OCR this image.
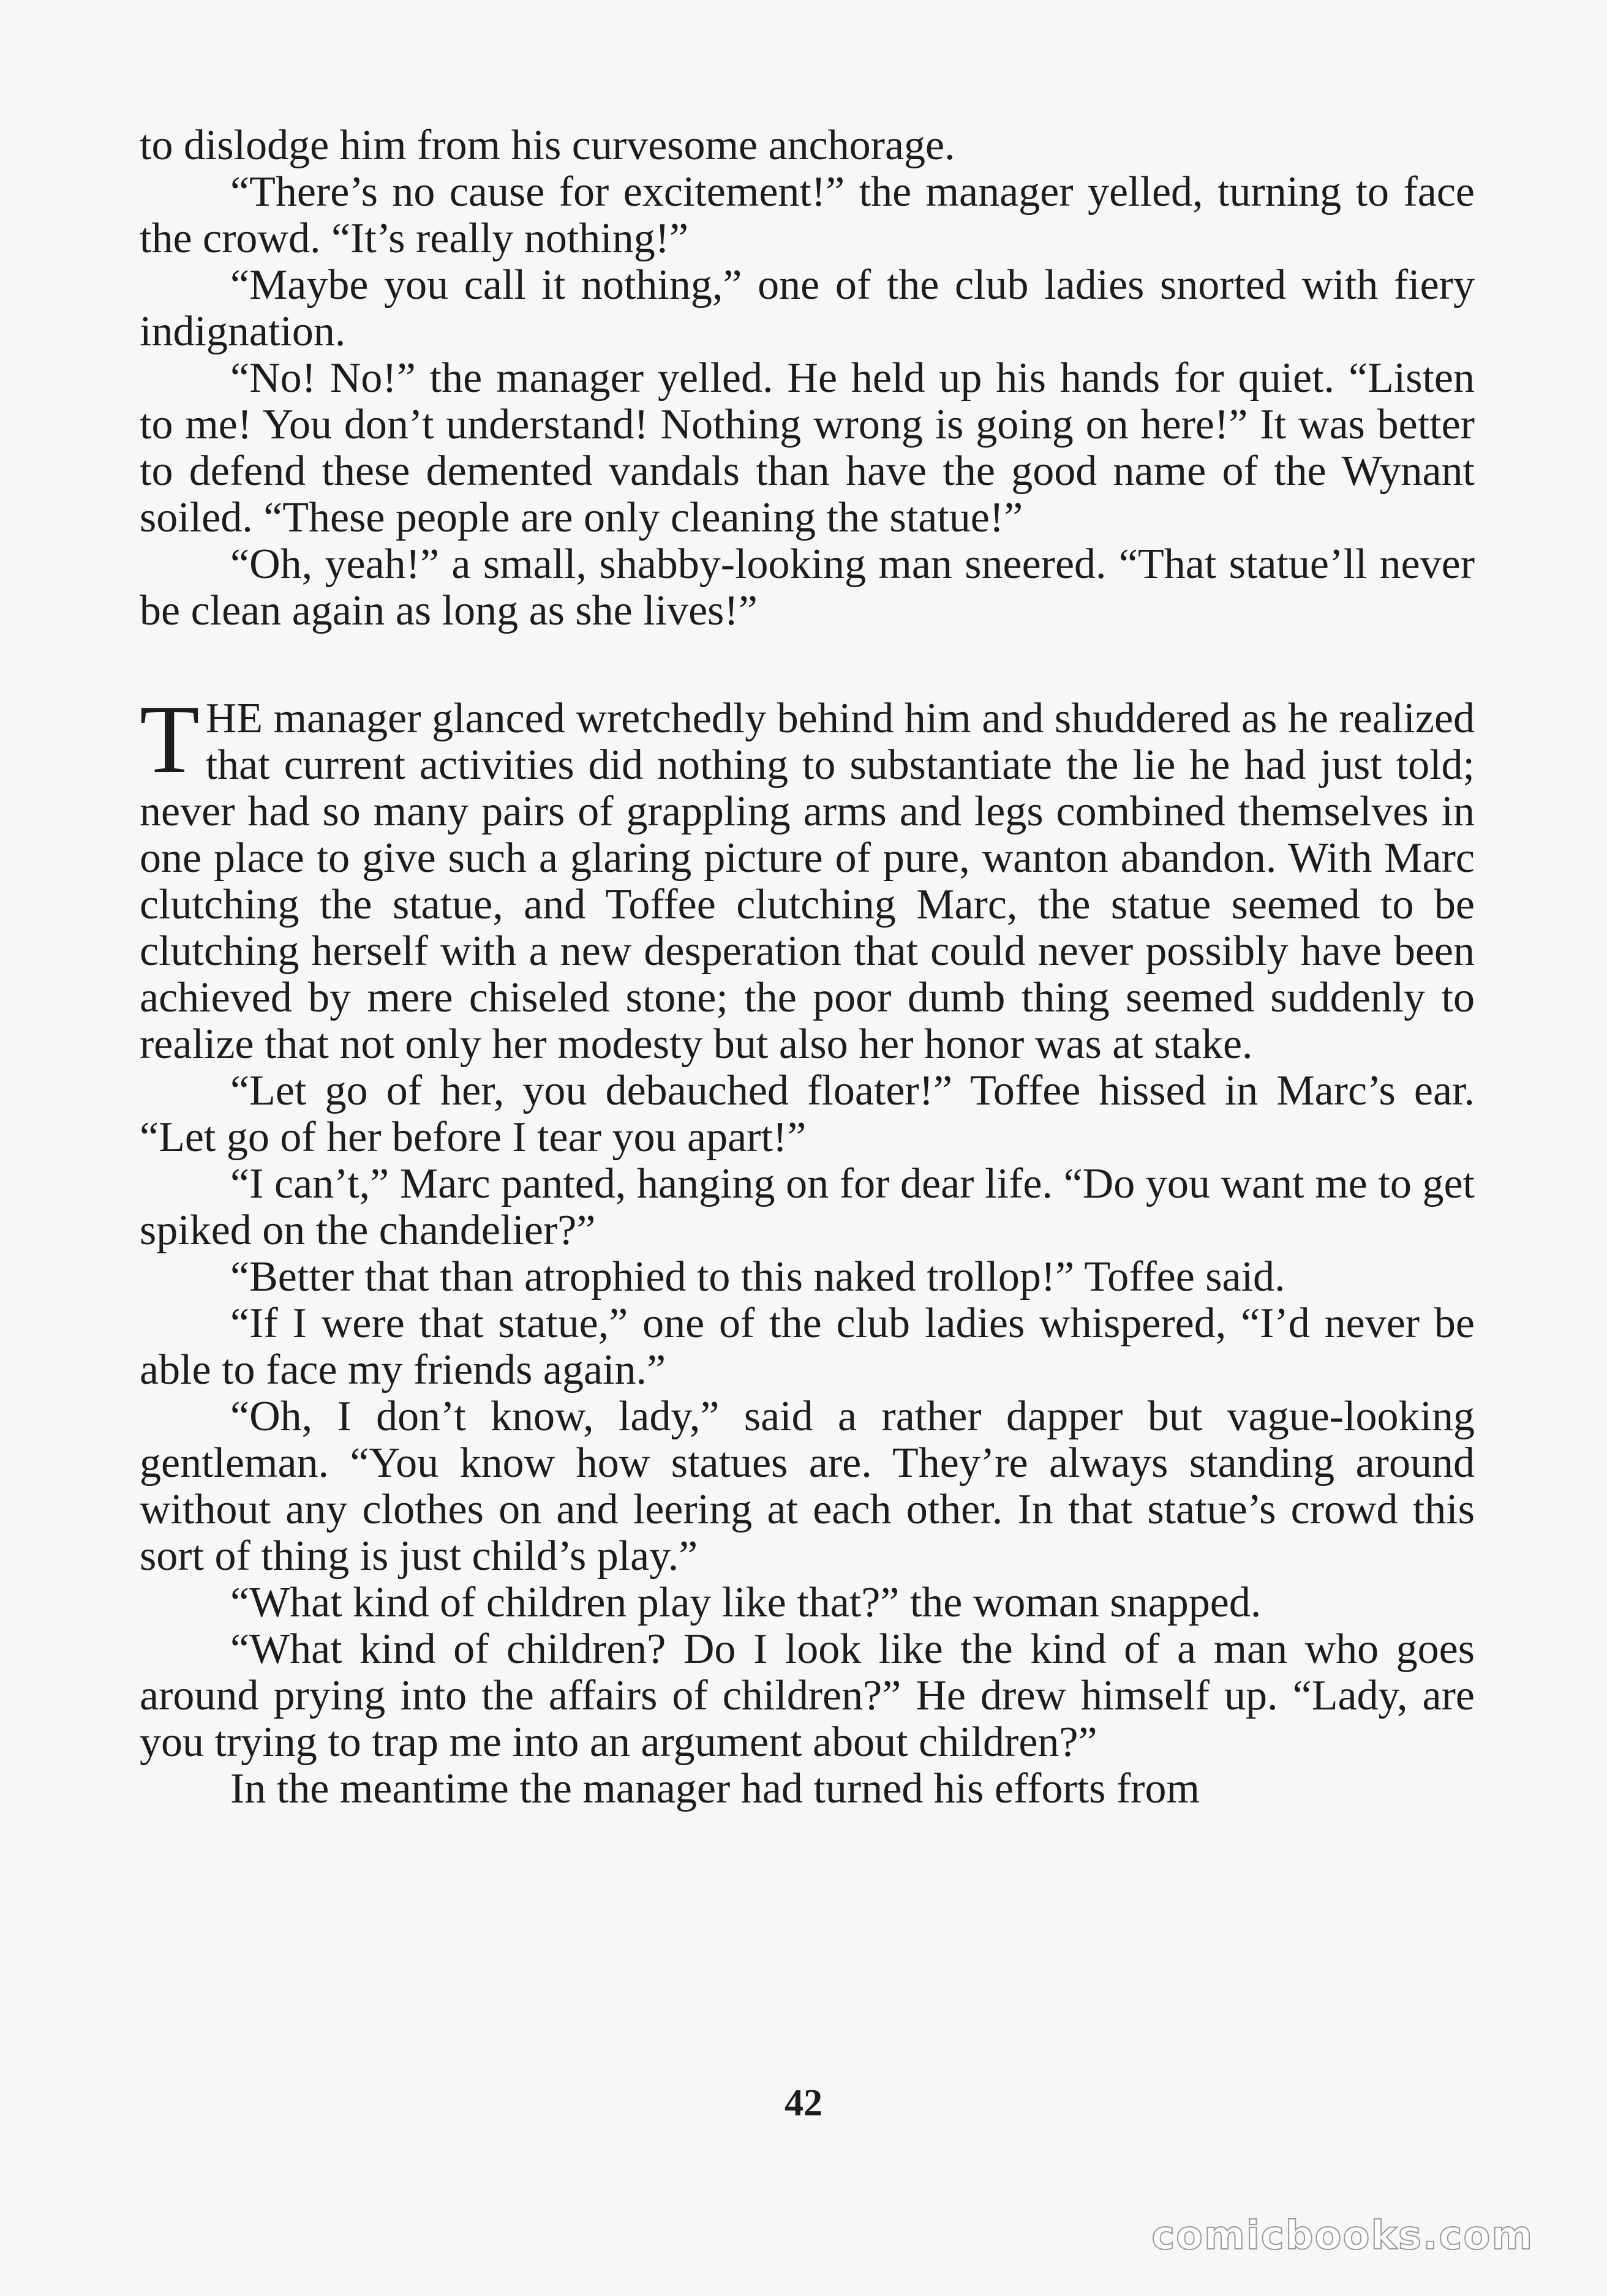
to dislodge him from his curvesome anchorage.

“There’s no cause for excitement!” the manager yelled, turning to face the crowd. “It’s really nothing!”

“Maybe you call it nothing,” one of the club ladies snorted with fiery indignation.

“No! No!” the manager yelled. He held up his hands for quiet. “Listen to me! You don’t understand! Nothing wrong is going on here!” It was better to defend these demented vandals than have the good name of the Wynant soiled. “These people are only cleaning the statue!”

“Oh, yeah!” a small, shabby-looking man sneered. “That statue’ll never be clean again as long as she lives!”

THE manager glanced wretchedly behind him and shuddered as he realized that current activities did nothing to substantiate the lie he had just told; never had so many pairs of grappling arms and legs combined themselves in one place to give such a glaring picture of pure, wanton abandon. With Marc clutching the statue, and Toffee clutching Marc, the statue seemed to be clutching herself with a new desperation that could never possibly have been achieved by mere chiseled stone; the poor dumb thing seemed suddenly to realize that not only her modesty but also her honor was at stake.

“Let go of her, you debauched floater!” Toffee hissed in Marc’s ear. “Let go of her before I tear you apart!”

“I can’t,” Marc panted, hanging on for dear life. “Do you want me to get spiked on the chandelier?”

“Better that than atrophied to this naked trollop!” Toffee said.

“If I were that statue,” one of the club ladies whispered, “I’d never be able to face my friends again.”

“Oh, I don’t know, lady,” said a rather dapper but vague-looking gentleman. “You know how statues are. They’re always standing around without any clothes on and leering at each other. In that statue’s crowd this sort of thing is just child’s play.”

“What kind of children play like that?” the woman snapped.

“What kind of children? Do I look like the kind of a man who goes around prying into the affairs of children?” He drew himself up. “Lady, are you trying to trap me into an argument about children?”

In the meantime the manager had turned his efforts from

42
comicbooks.com
